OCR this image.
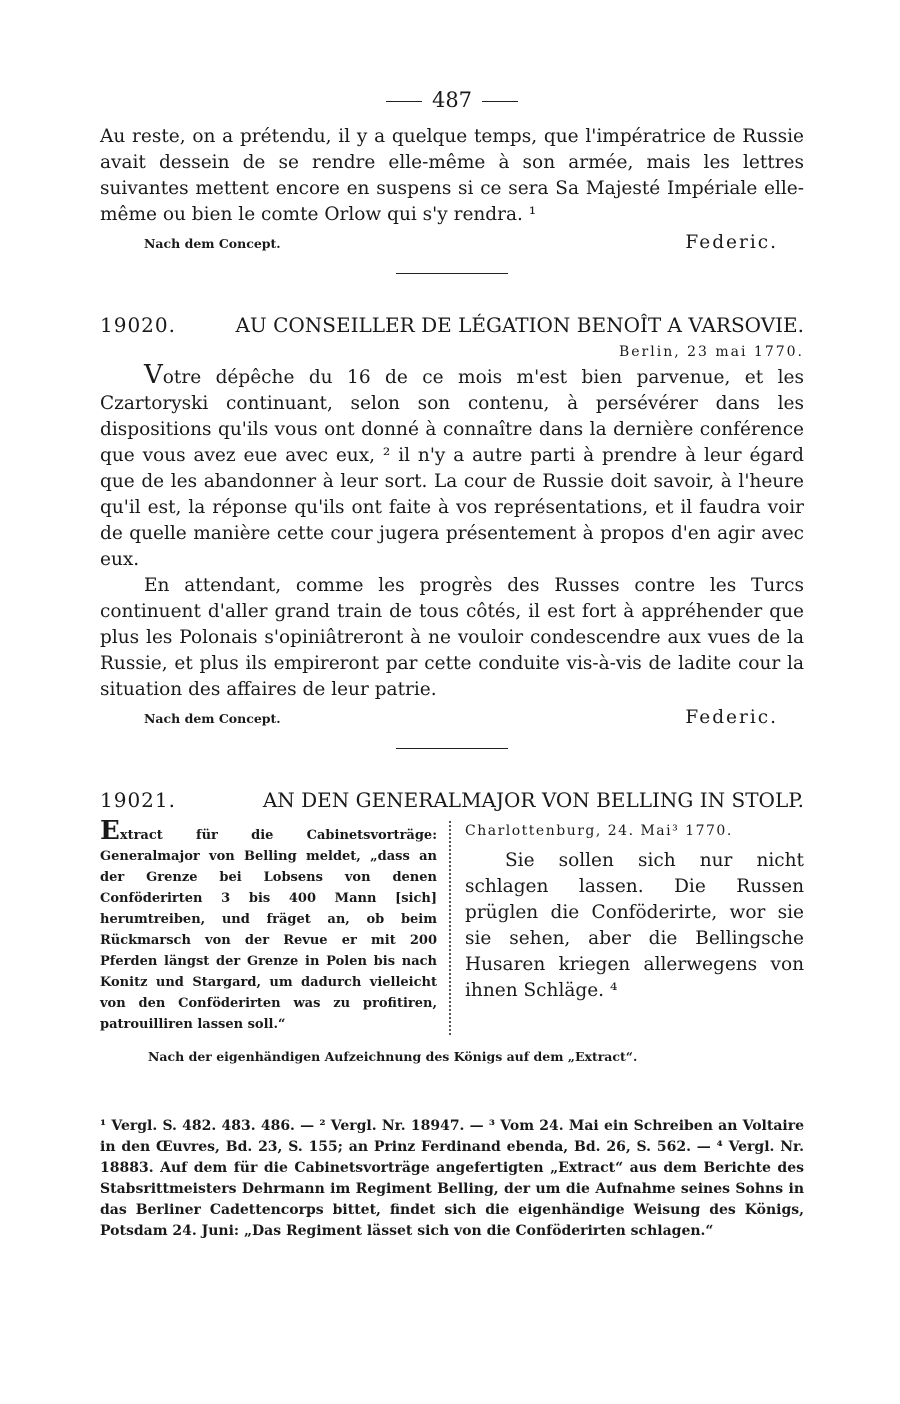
487

Au reste, on a prétendu, il y a quelque temps, que l'impératrice de Russie avait dessein de se rendre elle-même à son armée, mais les lettres suivantes mettent encore en suspens si ce sera Sa Majesté Impériale elle-même ou bien le comte Orlow qui s'y rendra. ¹

Nach dem Concept.	Federic.
19020.	AU CONSEILLER DE LÉGATION BENOÎT A VARSOVIE.
Berlin, 23 mai 1770.

Votre dépêche du 16 de ce mois m'est bien parvenue, et les Czartoryski continuant, selon son contenu, à persévérer dans les dispositions qu'ils vous ont donné à connaître dans la dernière conférence que vous avez eue avec eux, ² il n'y a autre parti à prendre à leur égard que de les abandonner à leur sort. La cour de Russie doit savoir, à l'heure qu'il est, la réponse qu'ils ont faite à vos représentations, et il faudra voir de quelle manière cette cour jugera présentement à propos d'en agir avec eux.

En attendant, comme les progrès des Russes contre les Turcs continuent d'aller grand train de tous côtés, il est fort à appréhender que plus les Polonais s'opiniâtreront à ne vouloir condescendre aux vues de la Russie, et plus ils empireront par cette conduite vis-à-vis de ladite cour la situation des affaires de leur patrie.

Nach dem Concept.	Federic.
19021.	AN DEN GENERALMAJOR VON BELLING IN STOLP.
Extract für die Cabinetsvorträge: Generalmajor von Belling meldet, „dass an der Grenze bei Lobsens von denen Conföderirten 3 bis 400 Mann [sich] herumtreiben, und fräget an, ob beim Rückmarsch von der Revue er mit 200 Pferden längst der Grenze in Polen bis nach Konitz und Stargard, um dadurch vielleicht von den Conföderirten was zu profitiren, patrouilliren lassen soll.“
Charlottenburg, 24. Mai³ 1770.
Sie sollen sich nur nicht schlagen lassen. Die Russen prüglen die Conföderirte, wor sie sie sehen, aber die Bellingsche Husaren kriegen allerwegens von ihnen Schläge. ⁴
Nach der eigenhändigen Aufzeichnung des Königs auf dem „Extract“.
¹ Vergl. S. 482. 483. 486. — ² Vergl. Nr. 18947. — ³ Vom 24. Mai ein Schreiben an Voltaire in den Œuvres, Bd. 23, S. 155; an Prinz Ferdinand ebenda, Bd. 26, S. 562. — ⁴ Vergl. Nr. 18883. Auf dem für die Cabinetsvorträge angefertigten „Extract“ aus dem Berichte des Stabsrittmeisters Dehrmann im Regiment Belling, der um die Aufnahme seines Sohns in das Berliner Cadettencorps bittet, findet sich die eigenhändige Weisung des Königs, Potsdam 24. Juni: „Das Regiment lässet sich von die Conföderirten schlagen.“
